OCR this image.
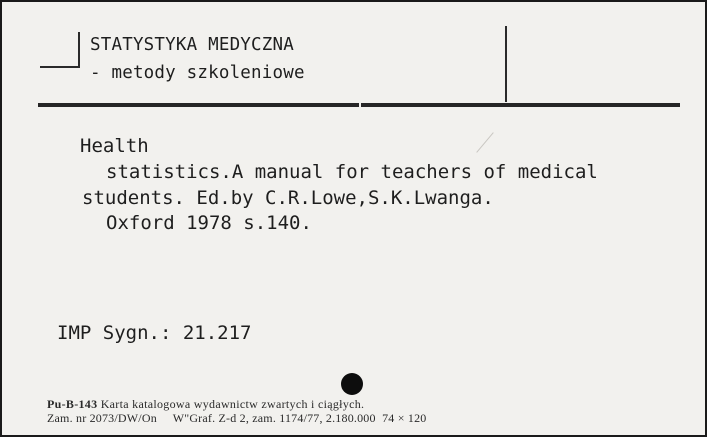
STATYSTYKA MEDYCZNA
- metody szkoleniowe
Health
statistics.A manual for teachers of medical
students. Ed.by C.R.Lowe,S.K.Lwanga.
Oxford 1978 s.140.
IMP Sygn.: 21.217
Pu-B-143 Karta katalogowa wydawnictw zwartych i ciągłych.
Zam. nr 2073/DW/On     W"Graf. Z-d 2, zam. 1174/77, 2.180.000  74 × 120
